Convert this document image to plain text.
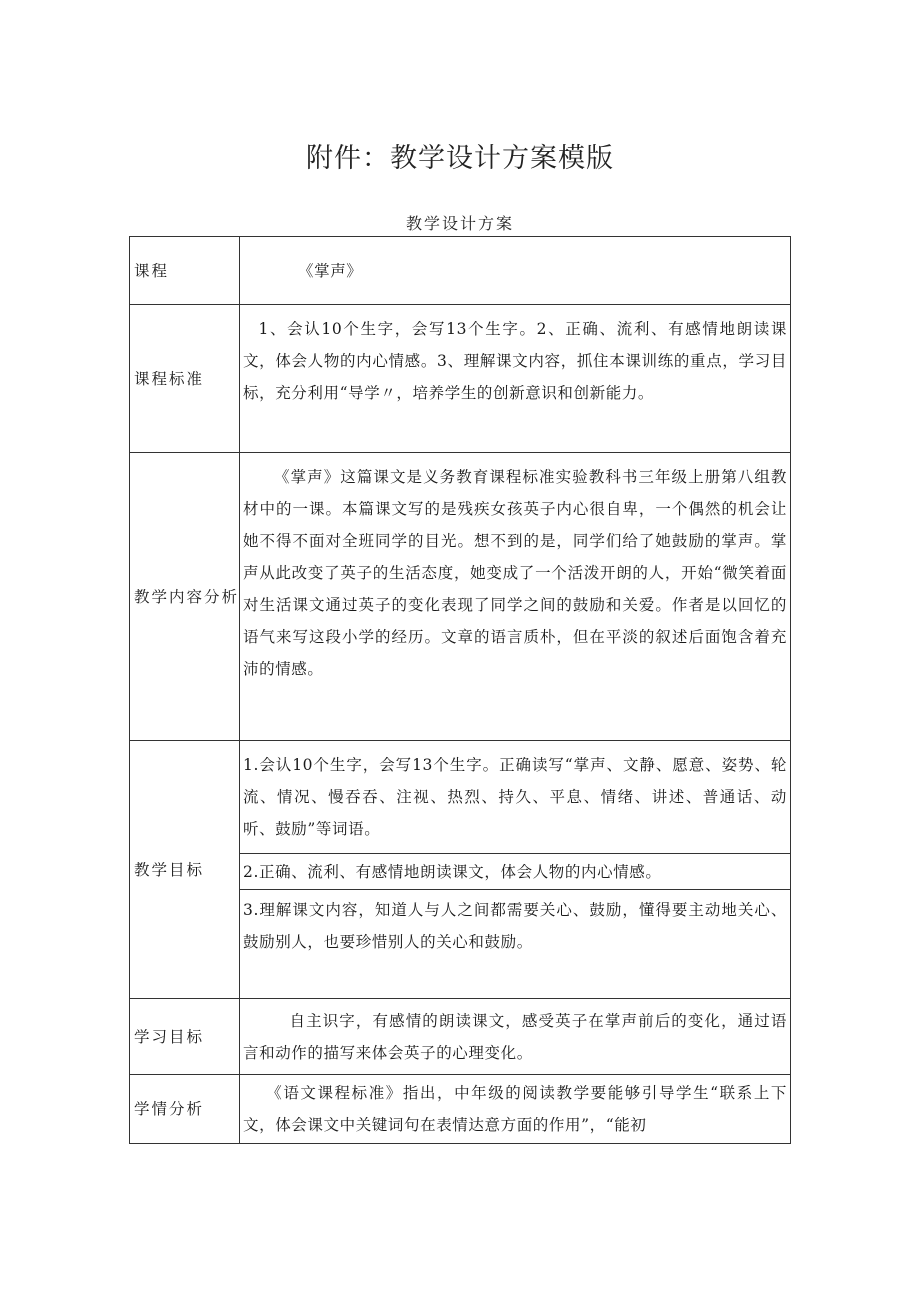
附件：教学设计方案模版
教学设计方案
课程	《掌声》
课程标准	1、会认10个生字，会写13个生字。2、正确、流利、有感情地朗读课文，体会人物的内心情感。3、理解课文内容，抓住本课训练的重点，学习目标，充分利用“导学〃，培养学生的创新意识和创新能力。

教学内容分析	《掌声》这篇课文是义务教育课程标准实验教科书三年级上册第八组教材中的一课。本篇课文写的是残疾女孩英子内心很自卑，一个偶然的机会让她不得不面对全班同学的目光。想不到的是，同学们给了她鼓励的掌声。掌声从此改变了英子的生活态度，她变成了一个活泼开朗的人，开始“微笑着面对生活课文通过英子的变化表现了同学之间的鼓励和关爱。作者是以回忆的语气来写这段小学的经历。文章的语言质朴，但在平淡的叙述后面饱含着充沛的情感。

教学目标	1.会认10个生字，会写13个生字。正确读写“掌声、文静、愿意、姿势、轮流、情况、慢吞吞、注视、热烈、持久、平息、情绪、讲述、普通话、动听、鼓励”等词语。

	2.正确、流利、有感情地朗读课文，体会人物的内心情感。

	3.理解课文内容，知道人与人之间都需要关心、鼓励，懂得要主动地关心、鼓励别人，也要珍惜别人的关心和鼓励。

学习目标	自主识字，有感情的朗读课文，感受英子在掌声前后的变化，通过语言和动作的描写来体会英子的心理变化。

学情分析	《语文课程标准》指出，中年级的阅读教学要能够引导学生“联系上下文，体会课文中关键词句在表情达意方面的作用”，“能初
